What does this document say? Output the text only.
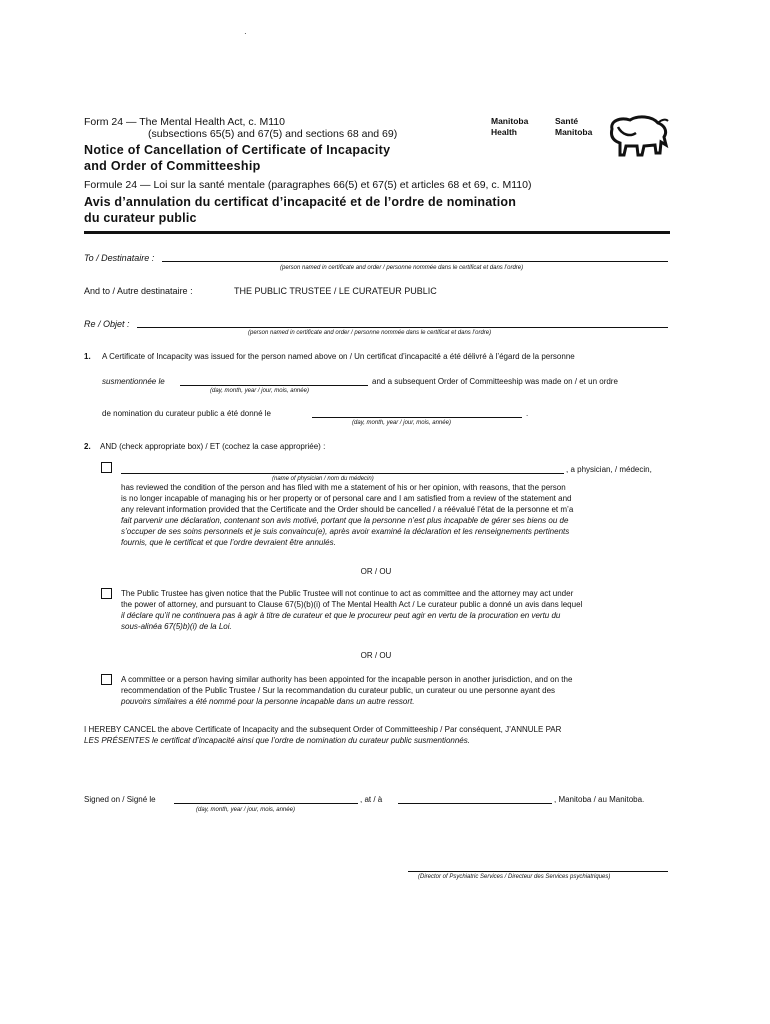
·
Form 24 — The Mental Health Act, c. M110
(subsections 65(5) and 67(5) and sections 68 and 69)
Notice of Cancellation of Certificate of Incapacity
and Order of Committeeship
Formule 24 — Loi sur la santé mentale (paragraphes 66(5) et 67(5) et articles 68 et 69, c. M110)
Avis d’annulation du certificat d’incapacité et de l’ordre de nomination
du curateur public
Manitoba
Health
Santé
Manitoba
To / Destinataire :
(person named in certificate and order / personne nommée dans le certificat et dans l’ordre)
And to / Autre destinataire :	THE PUBLIC TRUSTEE / LE CURATEUR PUBLIC
Re / Objet :
(person named in certificate and order / personne nommée dans le certificat et dans l’ordre)
1. A Certificate of Incapacity was issued for the person named above on / Un certificat d’incapacité a été délivré à l’égard de la personne
susmentionnée le	and a subsequent Order of Committeeship was made on / et un ordre
(day, month, year / jour, mois, année)
de nomination du curateur public a été donné le	.
(day, month, year / jour, mois, année)
2. AND (check appropriate box) / ET (cochez la case appropriée) :
, a physician, / médecin,
(name of physician / nom du médecin)
has reviewed the condition of the person and has filed with me a statement of his or her opinion, with reasons, that the person
is no longer incapable of managing his or her property or of personal care and I am satisfied from a review of the statement and
any relevant information provided that the Certificate and the Order should be cancelled / a réévalué l’état de la personne et m’a
fait parvenir une déclaration, contenant son avis motivé, portant que la personne n’est plus incapable de gérer ses biens ou de
s’occuper de ses soins personnels et je suis convaincu(e), après avoir examiné la déclaration et les renseignements pertinents
fournis, que le certificat et que l’ordre devraient être annulés.
OR / OU
The Public Trustee has given notice that the Public Trustee will not continue to act as committee and the attorney may act under
the power of attorney, and pursuant to Clause 67(5)(b)(i) of The Mental Health Act / Le curateur public a donné un avis dans lequel
il déclare qu’il ne continuera pas à agir à titre de curateur et que le procureur peut agir en vertu de la procuration en vertu du
sous-alinéa 67(5)b)(i) de la Loi.
OR / OU
A committee or a person having similar authority has been appointed for the incapable person in another jurisdiction, and on the
recommendation of the Public Trustee / Sur la recommandation du curateur public, un curateur ou une personne ayant des
pouvoirs similaires a été nommé pour la personne incapable dans un autre ressort.
I HEREBY CANCEL the above Certificate of Incapacity and the subsequent Order of Committeeship / Par conséquent, J’ANNULE PAR
LES PRÉSENTES le certificat d’incapacité ainsi que l’ordre de nomination du curateur public susmentionnés.
Signed on / Signé le	, at / à	, Manitoba / au Manitoba.
(day, month, year / jour, mois, année)
(Director of Psychiatric Services / Directeur des Services psychiatriques)
